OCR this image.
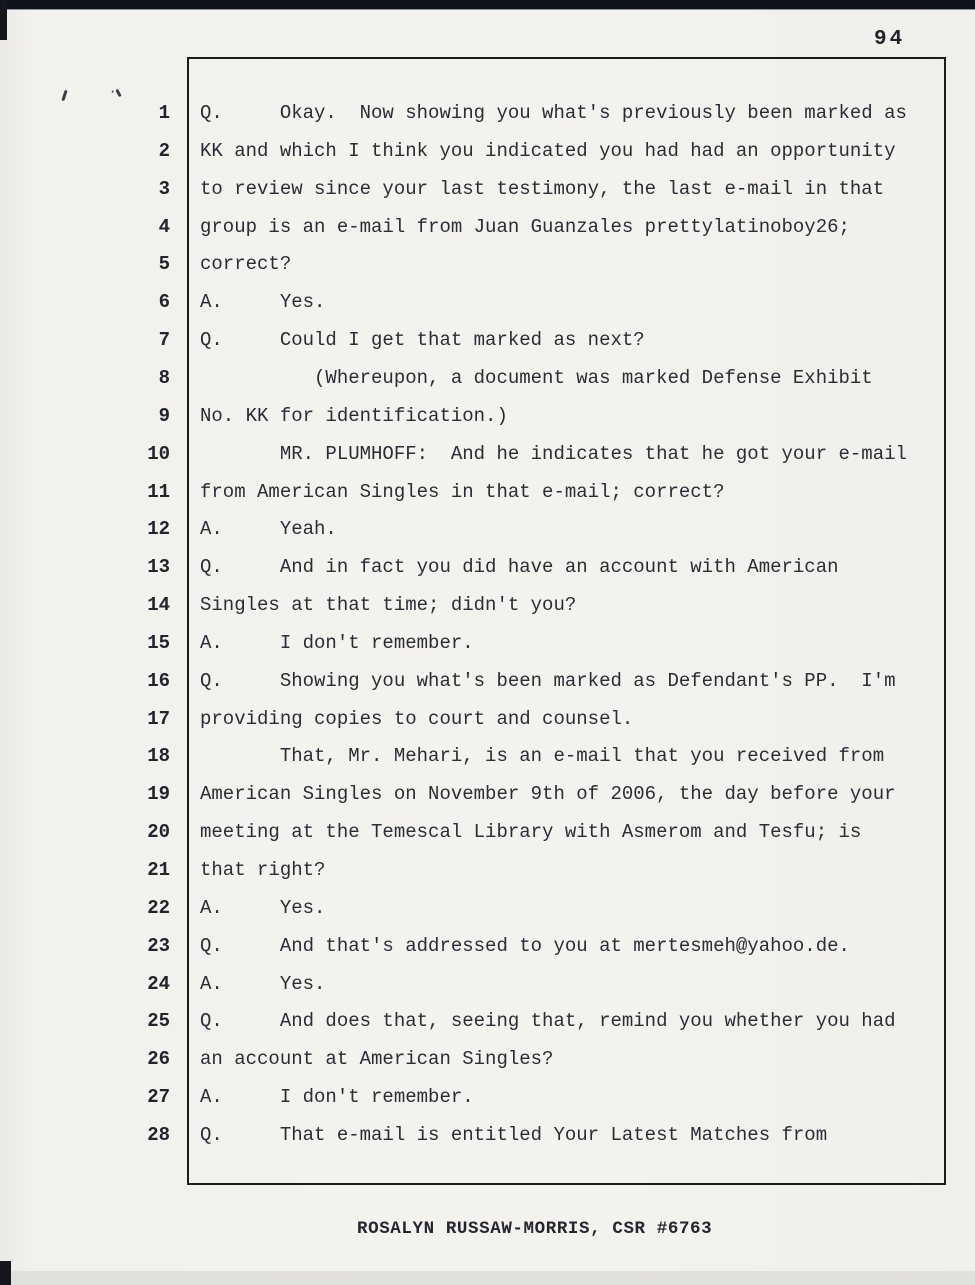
94
1 Q.     Okay.  Now showing you what's previously been marked as
2 KK and which I think you indicated you had had an opportunity
3 to review since your last testimony, the last e-mail in that
4 group is an e-mail from Juan Guanzales prettylatinoboy26;
5 correct?
6 A.     Yes.
7 Q.     Could I get that marked as next?
8 (Whereupon, a document was marked Defense Exhibit
9 No. KK for identification.)
10 MR. PLUMHOFF:  And he indicates that he got your e-mail
11 from American Singles in that e-mail; correct?
12 A.     Yeah.
13 Q.     And in fact you did have an account with American
14 Singles at that time; didn't you?
15 A.     I don't remember.
16 Q.     Showing you what's been marked as Defendant's PP.  I'm
17 providing copies to court and counsel.
18 That, Mr. Mehari, is an e-mail that you received from
19 American Singles on November 9th of 2006, the day before your
20 meeting at the Temescal Library with Asmerom and Tesfu; is
21 that right?
22 A.     Yes.
23 Q.     And that's addressed to you at mertesmeh@yahoo.de.
24 A.     Yes.
25 Q.     And does that, seeing that, remind you whether you had
26 an account at American Singles?
27 A.     I don't remember.
28 Q.     That e-mail is entitled Your Latest Matches from
ROSALYN RUSSAW-MORRIS, CSR #6763
